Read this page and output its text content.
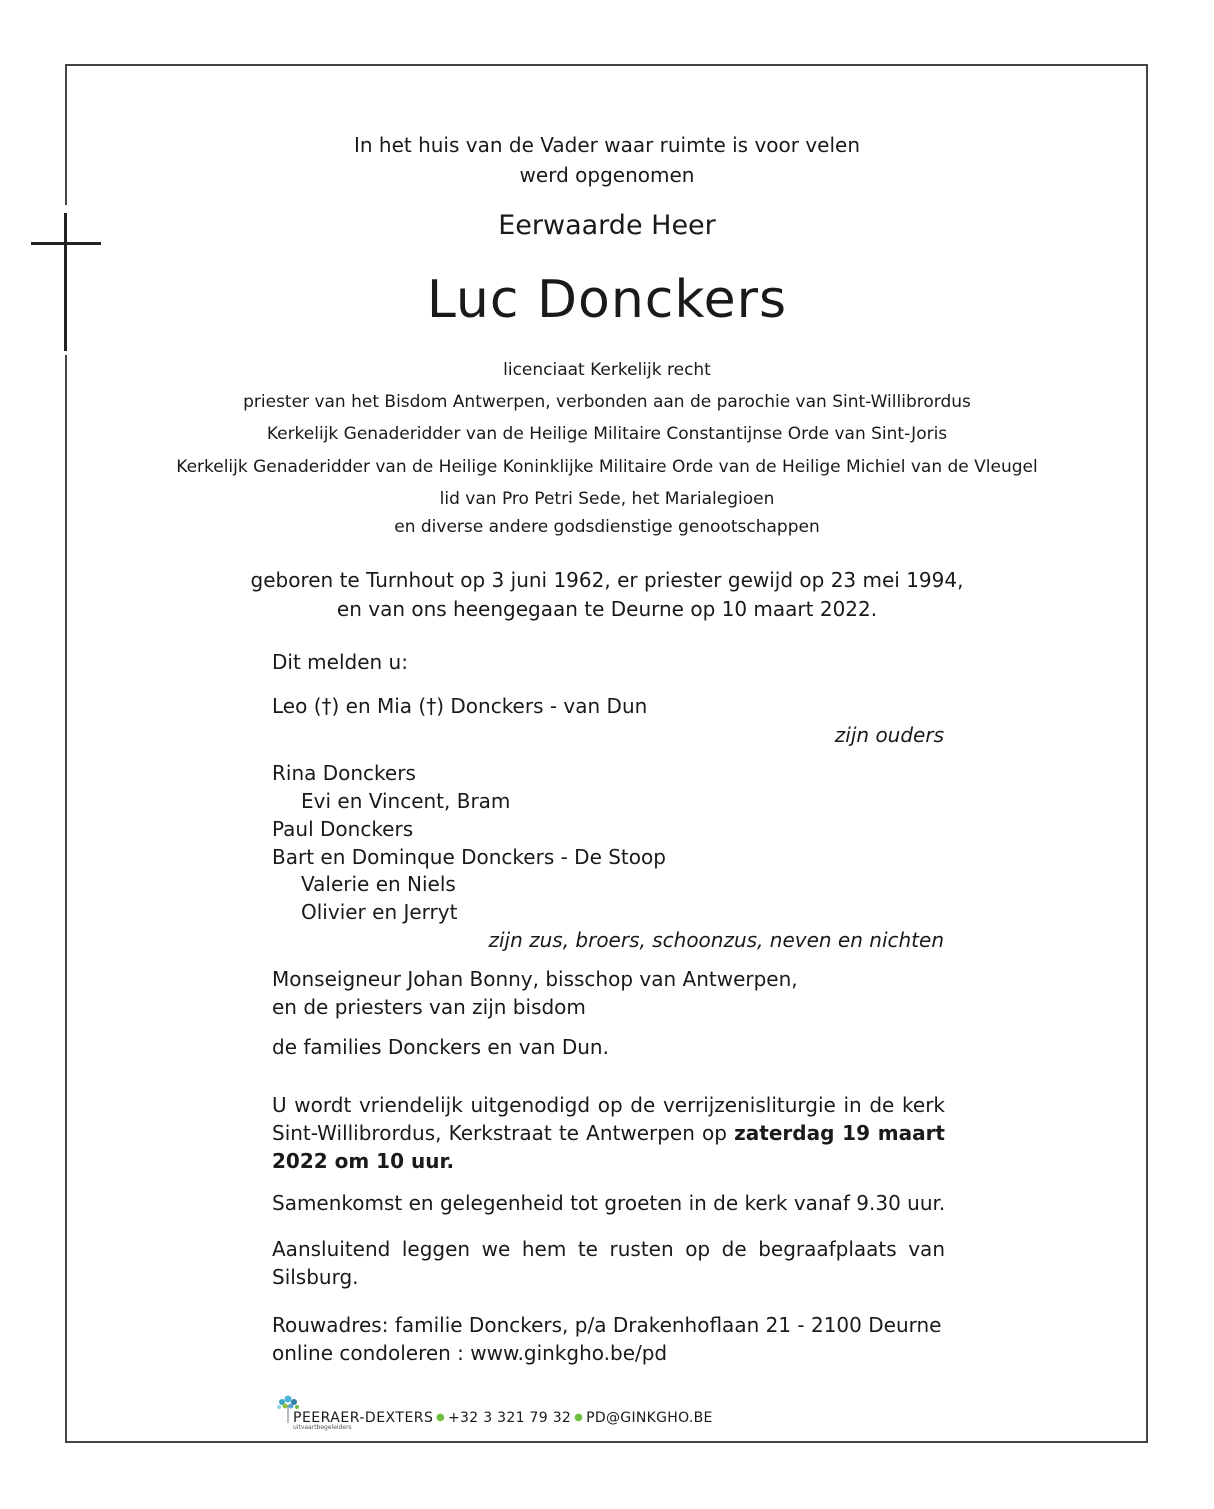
In het huis van de Vader waar ruimte is voor velen
werd opgenomen
Eerwaarde Heer
Luc Donckers
licenciaat Kerkelijk recht
priester van het Bisdom Antwerpen, verbonden aan de parochie van Sint-Willibrordus
Kerkelijk Genaderidder van de Heilige Militaire Constantijnse Orde van Sint-Joris
Kerkelijk Genaderidder van de Heilige Koninklijke Militaire Orde van de Heilige Michiel van de Vleugel
lid van Pro Petri Sede, het Marialegioen
en diverse andere godsdienstige genootschappen
geboren te Turnhout op 3 juni 1962, er priester gewijd op 23 mei 1994,
en van ons heengegaan te Deurne op 10 maart 2022.
Dit melden u:
Leo (†) en Mia (†) Donckers - van Dun
zijn ouders
Rina Donckers
Evi en Vincent, Bram
Paul Donckers
Bart en Dominque Donckers - De Stoop
Valerie en Niels
Olivier en Jerryt
zijn zus, broers, schoonzus, neven en nichten
Monseigneur Johan Bonny, bisschop van Antwerpen,
en de priesters van zijn bisdom
de families Donckers en van Dun.
U wordt vriendelijk uitgenodigd op de verrijzenisliturgie in de kerk Sint-Willibrordus, Kerkstraat te Antwerpen op zaterdag 19 maart 2022 om 10 uur.
Samenkomst en gelegenheid tot groeten in de kerk vanaf 9.30 uur.
Aansluitend leggen we hem te rusten op de begraafplaats van Silsburg.
Rouwadres: familie Donckers, p/a Drakenhoflaan 21 - 2100 Deurne
online condoleren : www.ginkgho.be/pd
PEERAER-DEXTERS
uitvaartbegeleiders
● +32 3 321 79 32 ● PD@GINKGHO.BE
